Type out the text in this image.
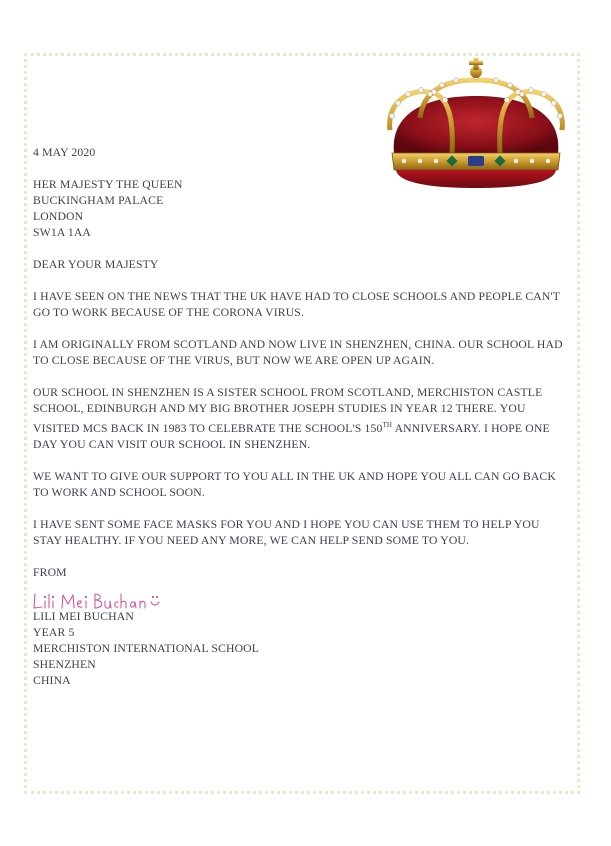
4 MAY 2020

HER MAJESTY THE QUEEN

BUCKINGHAM PALACE

LONDON

SW1A 1AA

DEAR YOUR MAJESTY

I HAVE SEEN ON THE NEWS THAT THE UK HAVE HAD TO CLOSE SCHOOLS AND PEOPLE CAN'T GO TO WORK BECAUSE OF THE CORONA VIRUS.

I AM ORIGINALLY FROM SCOTLAND AND NOW LIVE IN SHENZHEN, CHINA. OUR SCHOOL HAD TO CLOSE BECAUSE OF THE VIRUS, BUT NOW WE ARE OPEN UP AGAIN.

OUR SCHOOL IN SHENZHEN IS A SISTER SCHOOL FROM SCOTLAND, MERCHISTON CASTLE SCHOOL, EDINBURGH AND MY BIG BROTHER JOSEPH STUDIES IN YEAR 12 THERE. YOU VISITED MCS BACK IN 1983 TO CELEBRATE THE SCHOOL'S 150TH ANNIVERSARY. I HOPE ONE DAY YOU CAN VISIT OUR SCHOOL IN SHENZHEN.

WE WANT TO GIVE OUR SUPPORT TO YOU ALL IN THE UK AND HOPE YOU ALL CAN GO BACK TO WORK AND SCHOOL SOON.

I HAVE SENT SOME FACE MASKS FOR YOU AND I HOPE YOU CAN USE THEM TO HELP YOU STAY HEALTHY. IF YOU NEED ANY MORE, WE CAN HELP SEND SOME TO YOU.

FROM

LILI MEI BUCHAN

YEAR 5

MERCHISTON INTERNATIONAL SCHOOL

SHENZHEN

CHINA
